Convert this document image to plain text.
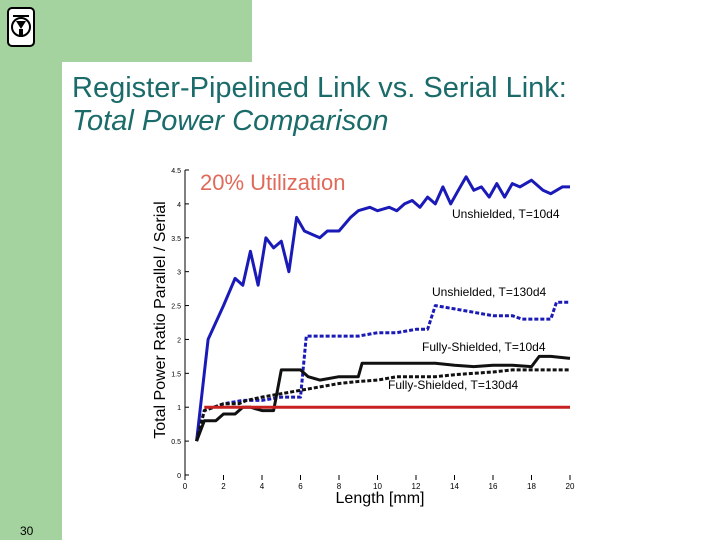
Register-Pipelined Link vs. Serial Link:
Total Power Comparison
0
0.5
1
1.5
2
2.5
3
3.5
4
4.5
0	2	4	6	8	10	12	14	16	18	20
Unshielded, T=10d4
Unshielded, T=130d4
Fully-Shielded, T=10d4
Fully-Shielded, T=130d4
20% Utilization
Length [mm]
Total Power Ratio Parallel / Serial
30
